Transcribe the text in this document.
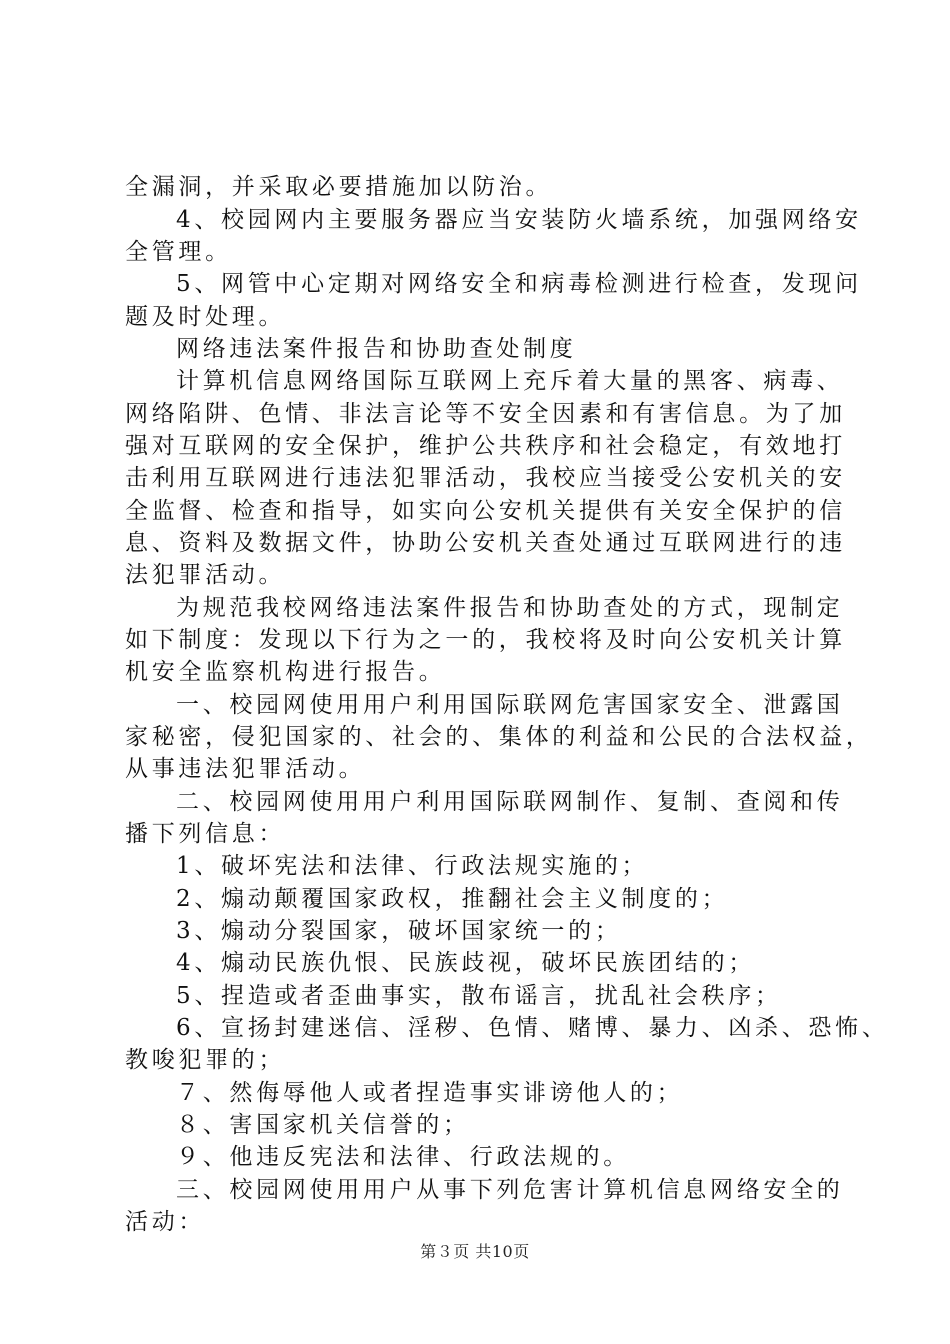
全漏洞，并采取必要措施加以防治。
4、校园网内主要服务器应当安装防火墙系统，加强网络安
全管理。
5、网管中心定期对网络安全和病毒检测进行检查，发现问
题及时处理。
网络违法案件报告和协助查处制度
计算机信息网络国际互联网上充斥着大量的黑客、病毒、
网络陷阱、色情、非法言论等不安全因素和有害信息。为了加
强对互联网的安全保护，维护公共秩序和社会稳定，有效地打
击利用互联网进行违法犯罪活动，我校应当接受公安机关的安
全监督、检查和指导，如实向公安机关提供有关安全保护的信
息、资料及数据文件，协助公安机关查处通过互联网进行的违
法犯罪活动。
为规范我校网络违法案件报告和协助查处的方式，现制定
如下制度：发现以下行为之一的，我校将及时向公安机关计算
机安全监察机构进行报告。
一、校园网使用用户利用国际联网危害国家安全、泄露国
家秘密，侵犯国家的、社会的、集体的利益和公民的合法权益，
从事违法犯罪活动。
二、校园网使用用户利用国际联网制作、复制、查阅和传
播下列信息：
1、破坏宪法和法律、行政法规实施的；
2、煽动颠覆国家政权，推翻社会主义制度的；
3、煽动分裂国家，破坏国家统一的；
4、煽动民族仇恨、民族歧视，破坏民族团结的；
5、捏造或者歪曲事实，散布谣言，扰乱社会秩序；
6、宣扬封建迷信、淫秽、色情、赌博、暴力、凶杀、恐怖、
教唆犯罪的；
７、然侮辱他人或者捏造事实诽谤他人的；
８、害国家机关信誉的；
９、他违反宪法和法律、行政法规的。
三、校园网使用用户从事下列危害计算机信息网络安全的
活动：
第３页 共10页
